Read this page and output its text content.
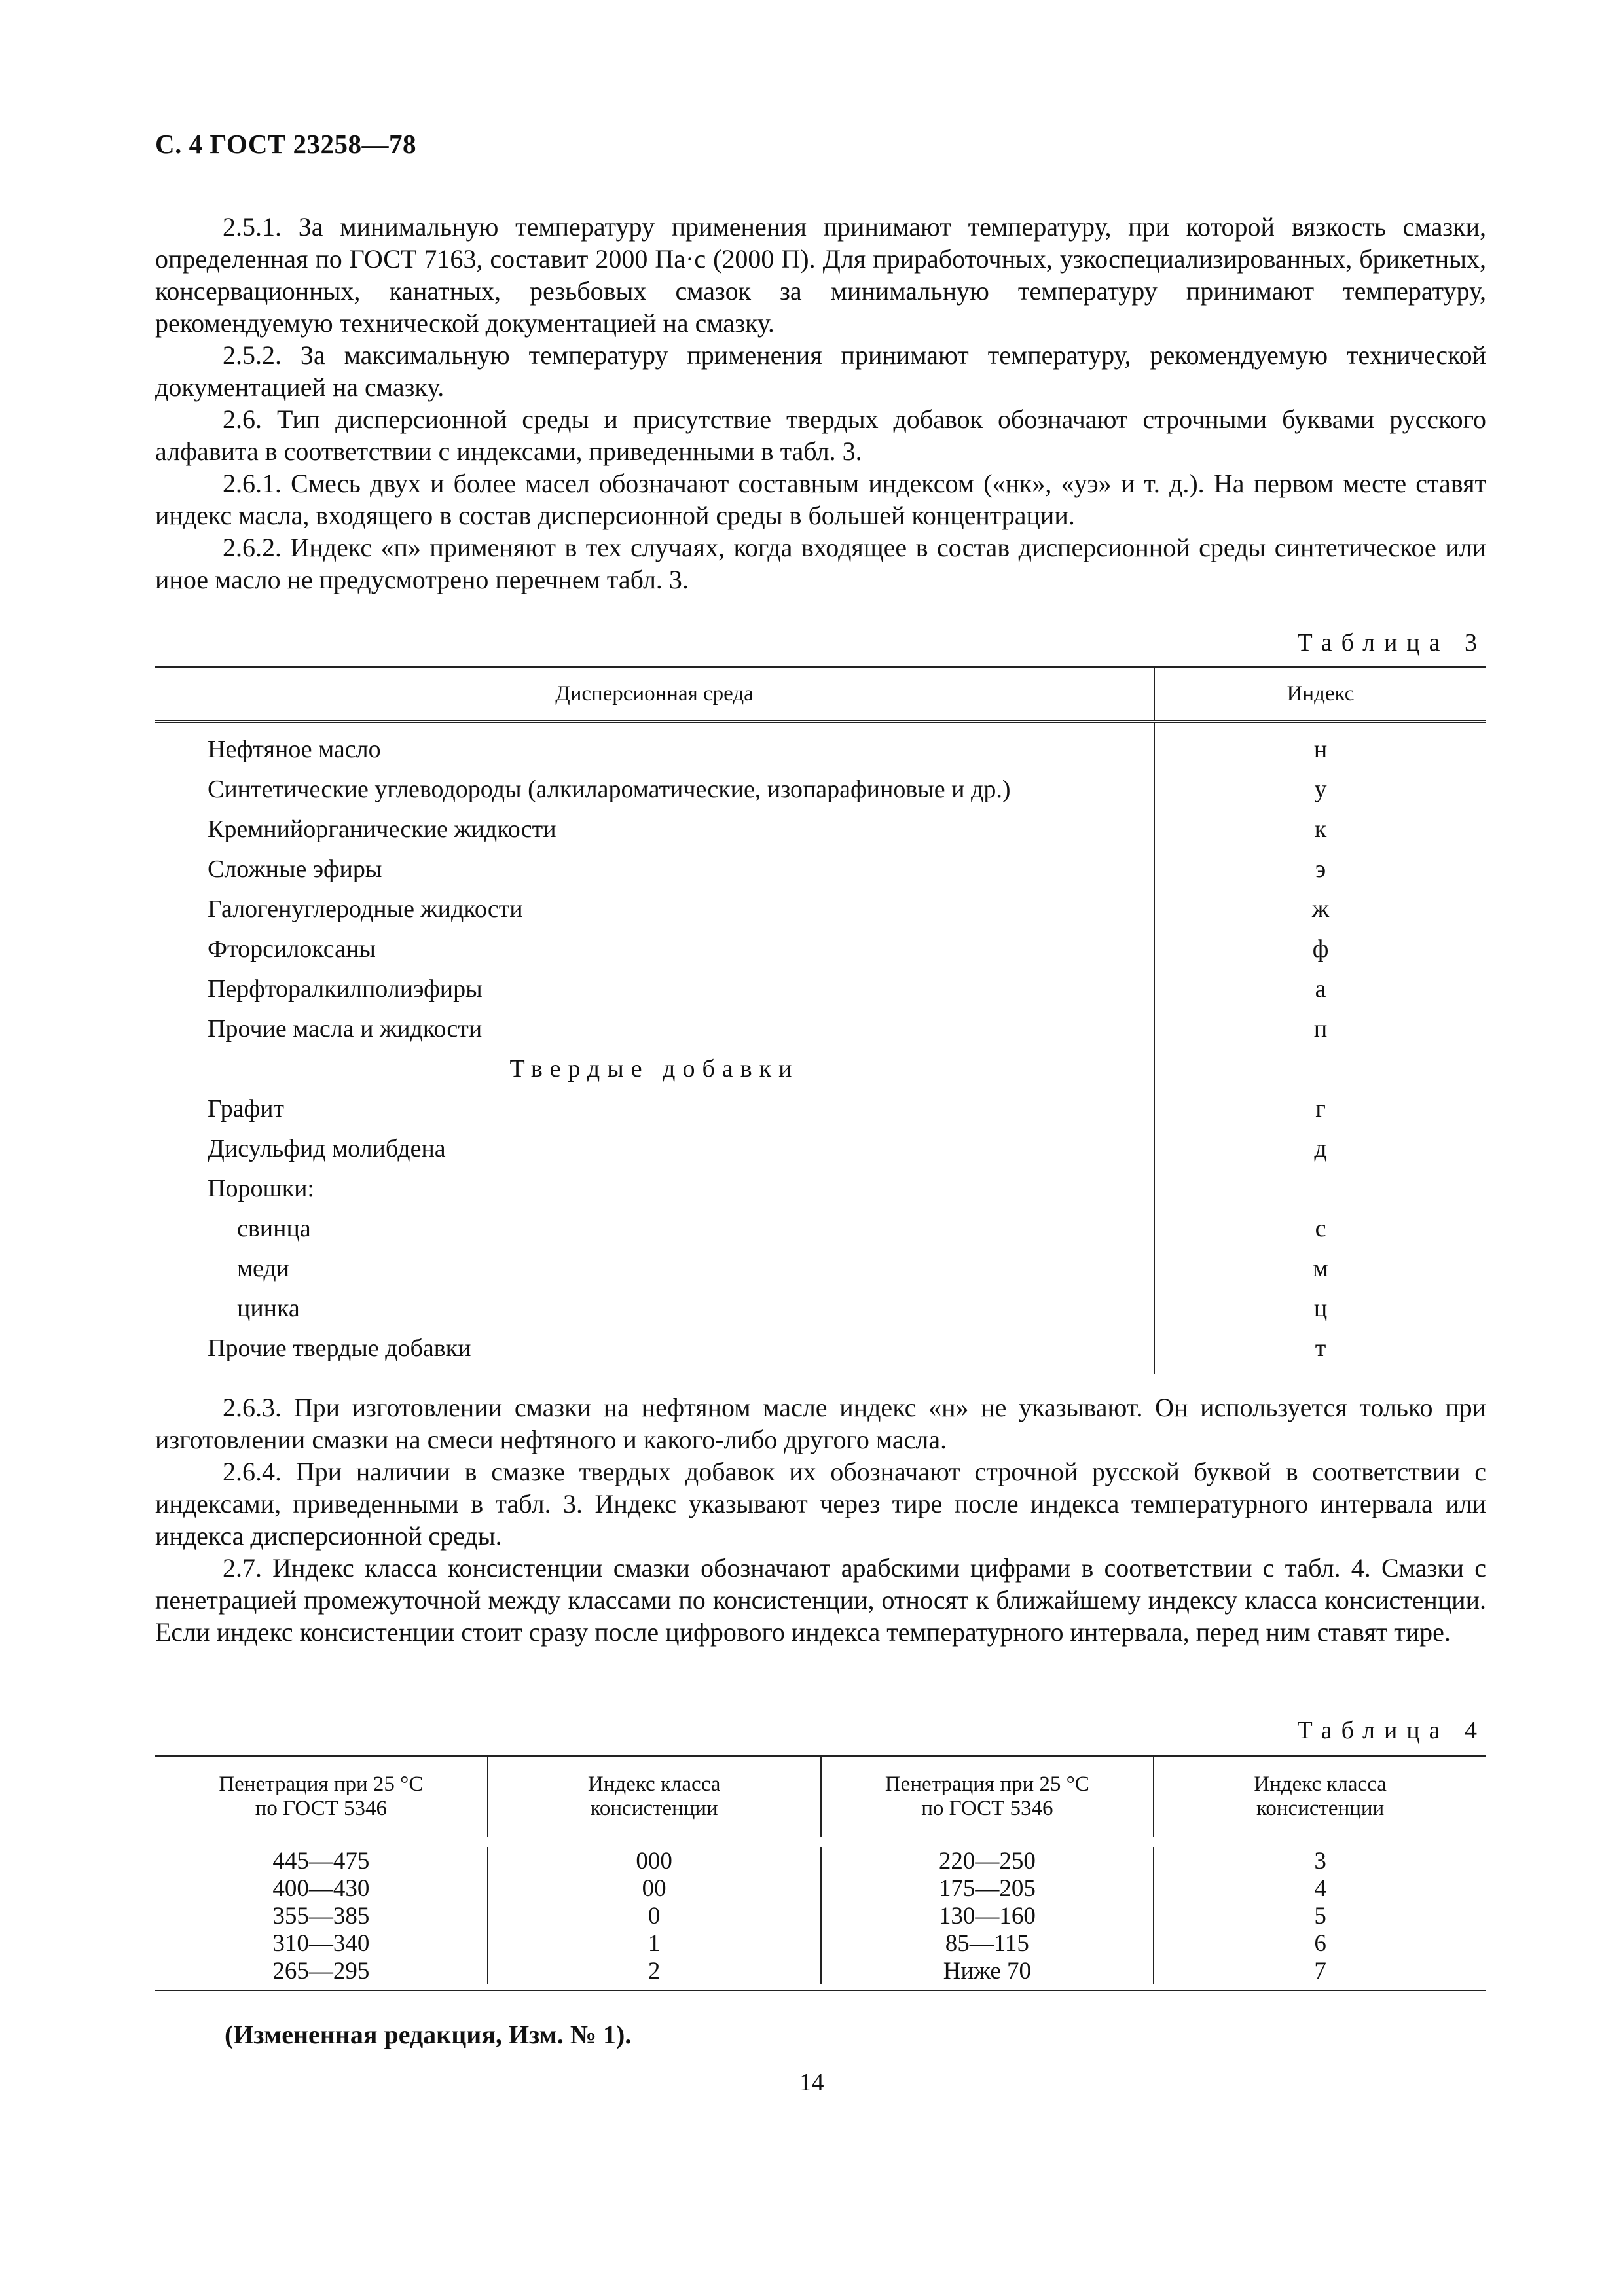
С. 4 ГОСТ 23258—78

2.5.1. За минимальную температуру применения принимают температуру, при которой вязкость смазки, определенная по ГОСТ 7163, составит 2000 Па·с (2000 П). Для приработочных, узкоспециализированных, брикетных, консервационных, канатных, резьбовых смазок за минимальную температуру принимают температуру, рекомендуемую технической документацией на смазку.

2.5.2. За максимальную температуру применения принимают температуру, рекомендуемую технической документацией на смазку.

2.6. Тип дисперсионной среды и присутствие твердых добавок обозначают строчными буквами русского алфавита в соответствии с индексами, приведенными в табл. 3.

2.6.1. Смесь двух и более масел обозначают составным индексом («нк», «уэ» и т. д.). На первом месте ставят индекс масла, входящего в состав дисперсионной среды в большей концентрации.

2.6.2. Индекс «п» применяют в тех случаях, когда входящее в состав дисперсионной среды синтетическое или иное масло не предусмотрено перечнем табл. 3.

Таблица 3
Дисперсионная среда	Индекс
Нефтяное масло
Синтетические углеводороды (алкилароматические, изопарафиновые и др.)
Кремнийорганические жидкости
Сложные эфиры
Галогенуглеродные жидкости
Фторсилоксаны
Перфторалкилполиэфиры
Прочие масла и жидкости
Твердые добавки
Графит
Дисульфид молибдена
Порошки:
свинца
меди
цинка
Прочие твердые добавки
н
у
к
э
ж
ф
а
п
г
д
с
м
ц
т

2.6.3. При изготовлении смазки на нефтяном масле индекс «н» не указывают. Он используется только при изготовлении смазки на смеси нефтяного и какого-либо другого масла.

2.6.4. При наличии в смазке твердых добавок их обозначают строчной русской буквой в соответствии с индексами, приведенными в табл. 3. Индекс указывают через тире после индекса температурного интервала или индекса дисперсионной среды.

2.7. Индекс класса консистенции смазки обозначают арабскими цифрами в соответствии с табл. 4. Смазки с пенетрацией промежуточной между классами по консистенции, относят к ближайшему индексу класса консистенции. Если индекс консистенции стоит сразу после цифрового индекса температурного интервала, перед ним ставят тире.

Таблица 4
Пенетрация при 25 °С
по ГОСТ 5346
Индекс класса
консистенции
Пенетрация при 25 °С
по ГОСТ 5346
Индекс класса
консистенции
445—475
400—430
355—385
310—340
265—295
000
00
0
1
2
220—250
175—205
130—160
85—115
Ниже 70
3
4
5
6
7
(Измененная редакция, Изм. № 1).
14
